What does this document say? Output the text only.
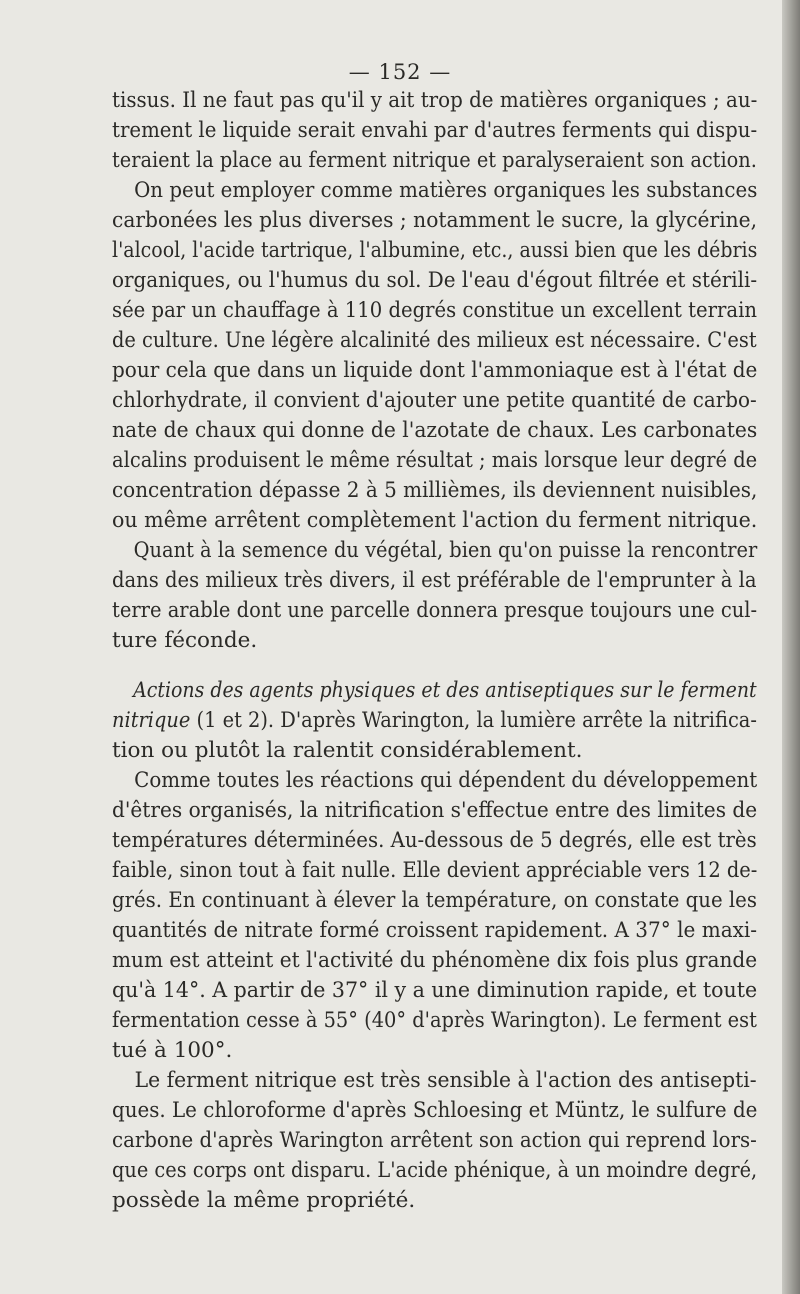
— 152 —
tissus. Il ne faut pas qu'il y ait trop de matières organiques ; au-
trement le liquide serait envahi par d'autres ferments qui dispu-
teraient la place au ferment nitrique et paralyseraient son action.
On peut employer comme matières organiques les substances
carbonées les plus diverses ; notamment le sucre, la glycérine,
l'alcool, l'acide tartrique, l'albumine, etc., aussi bien que les débris
organiques, ou l'humus du sol. De l'eau d'égout filtrée et stérili-
sée par un chauffage à 110 degrés constitue un excellent terrain
de culture. Une légère alcalinité des milieux est nécessaire. C'est
pour cela que dans un liquide dont l'ammoniaque est à l'état de
chlorhydrate, il convient d'ajouter une petite quantité de carbo-
nate de chaux qui donne de l'azotate de chaux. Les carbonates
alcalins produisent le même résultat ; mais lorsque leur degré de
concentration dépasse 2 à 5 millièmes, ils deviennent nuisibles,
ou même arrêtent complètement l'action du ferment nitrique.
Quant à la semence du végétal, bien qu'on puisse la rencontrer
dans des milieux très divers, il est préférable de l'emprunter à la
terre arable dont une parcelle donnera presque toujours une cul-
ture féconde.
Actions des agents physiques et des antiseptiques sur le ferment
nitrique (1 et 2). D'après Warington, la lumière arrête la nitrifica-
tion ou plutôt la ralentit considérablement.
Comme toutes les réactions qui dépendent du développement
d'êtres organisés, la nitrification s'effectue entre des limites de
températures déterminées. Au-dessous de 5 degrés, elle est très
faible, sinon tout à fait nulle. Elle devient appréciable vers 12 de-
grés. En continuant à élever la température, on constate que les
quantités de nitrate formé croissent rapidement. A 37° le maxi-
mum est atteint et l'activité du phénomène dix fois plus grande
qu'à 14°. A partir de 37° il y a une diminution rapide, et toute
fermentation cesse à 55° (40° d'après Warington). Le ferment est
tué à 100°.
Le ferment nitrique est très sensible à l'action des antisepti-
ques. Le chloroforme d'après Schloesing et Müntz, le sulfure de
carbone d'après Warington arrêtent son action qui reprend lors-
que ces corps ont disparu. L'acide phénique, à un moindre degré,
possède la même propriété.
